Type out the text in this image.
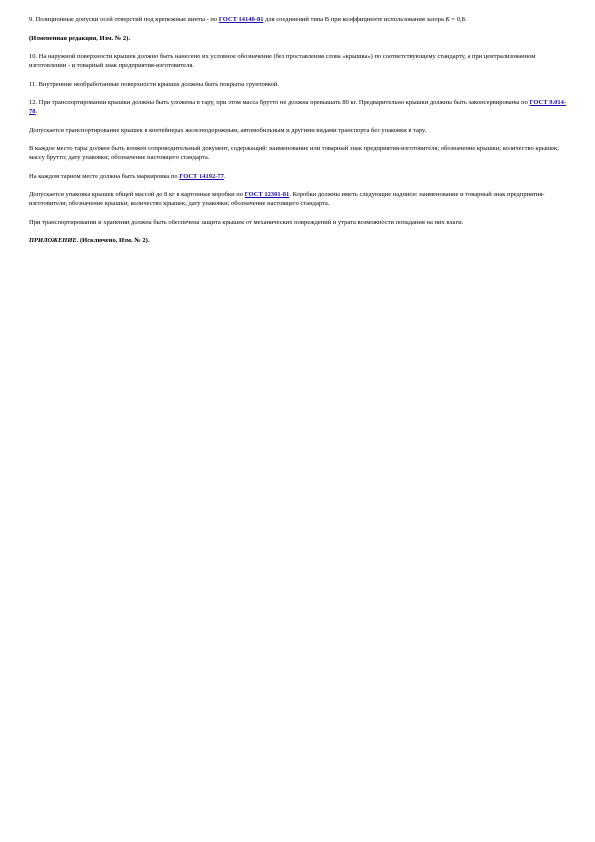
9. Позиционные допуски осей отверстий под крепежные винты - по ГОСТ 14140-81 для соединений типа В при коэффициенте использования зазора К = 0,8.

(Измененная редакция, Изм. № 2).

10. На наружной поверхности крышек должно быть нанесено их условное обозначение (без проставления слова «крышка») по соответствующему стандарту, а при централизованном изготовлении - и товарный знак предприятия-изготовителя.

11. Внутренние необработанные поверхности крышек должны быть покрыты грунтовкой.

12. При транспортировании крышки должны быть уложены в тару, при этом масса брутто не должна превышать 80 кг. Предварительно крышки должны быть законсервированы по ГОСТ 9.014-78.

Допускается транспортирование крышек в контейнерах железнодорожным, автомобильным и другими видами транспорта без упаковки в тару.

В каждое место тары должен быть вложен сопроводительный документ, содержащий: наименование или товарный знак предприятия-изготовителя; обозначение крышки; количество крышек; массу брутто; дату упаковки; обозначение настоящего стандарта.

На каждом тарном месте должна быть маркировка по ГОСТ 14192-77.

Допускается упаковка крышек общей массой до 8 кг в картонные коробки по ГОСТ 12301-81. Коробки должны иметь следующие надписи: наименование и товарный знак предприятия-изготовителя; обозначение крышки; количество крышек; дату упаковки; обозначение настоящего стандарта.

При транспортировании и хранении должна быть обеспечена защита крышек от механических повреждений и утрата возможности попадания на них влаги.

ПРИЛОЖЕНИЕ. (Исключено, Изм. № 2).
